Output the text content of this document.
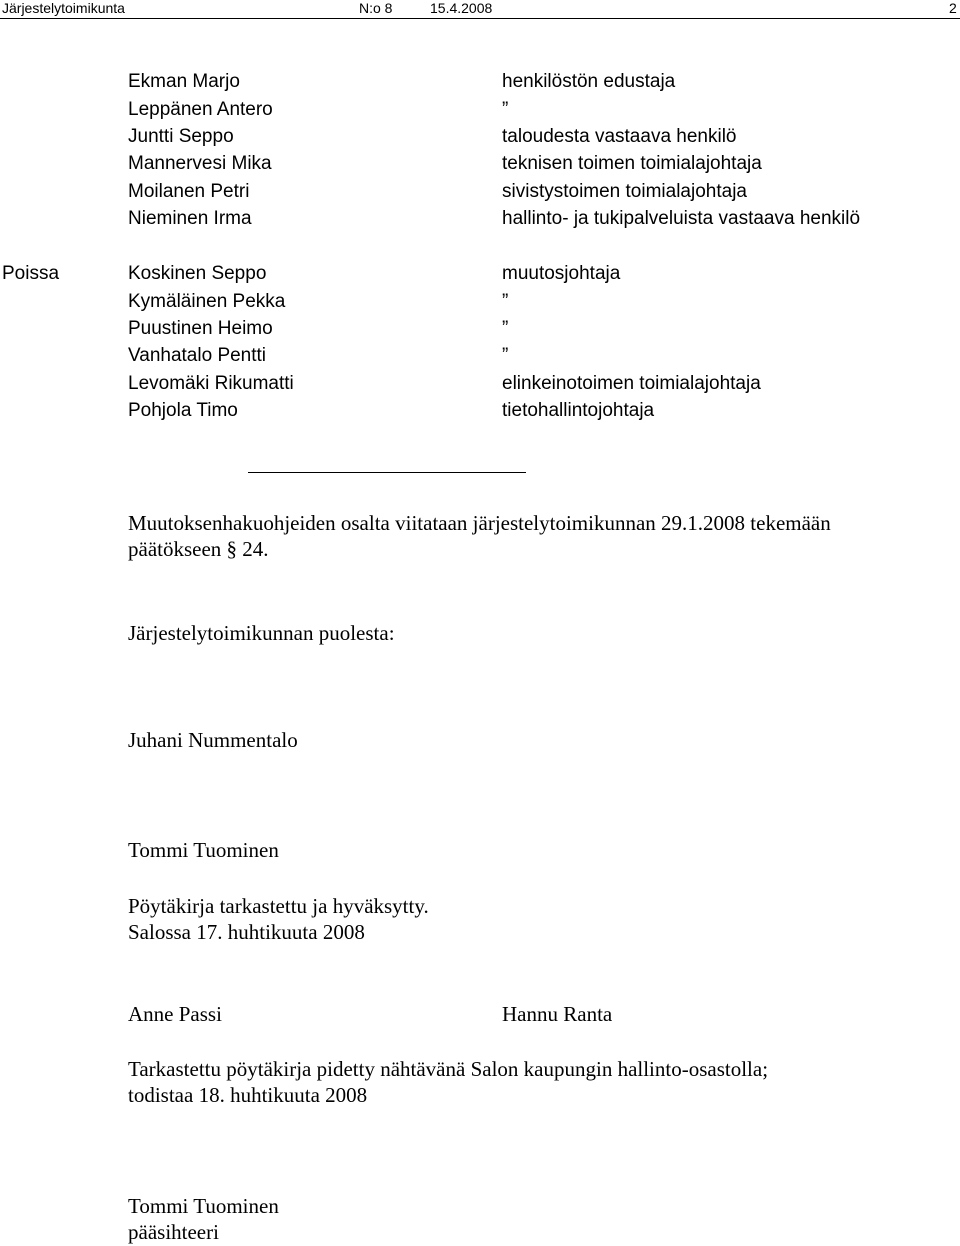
Järjestelytoimikunta	N:o 8	15.4.2008	2
Ekman Marjo	henkilöstön edustaja
Leppänen Antero	”
Juntti Seppo	taloudesta vastaava henkilö
Mannervesi Mika	teknisen toimen toimialajohtaja
Moilanen Petri	sivistystoimen toimialajohtaja
Nieminen Irma	hallinto- ja tukipalveluista vastaava henkilö
Poissa	Koskinen Seppo	muutosjohtaja
Kymäläinen Pekka	”
Puustinen Heimo	”
Vanhatalo Pentti	”
Levomäki Rikumatti	elinkeinotoimen toimialajohtaja
Pohjola Timo	tietohallintojohtaja
Muutoksenhakuohjeiden osalta viitataan järjestelytoimikunnan 29.1.2008 tekemään
päätökseen § 24.
Järjestelytoimikunnan puolesta:
Juhani Nummentalo
Tommi Tuominen
Pöytäkirja tarkastettu ja hyväksytty.
Salossa 17. huhtikuuta 2008
Anne Passi	Hannu Ranta
Tarkastettu pöytäkirja pidetty nähtävänä Salon kaupungin hallinto-osastolla;
todistaa 18. huhtikuuta 2008
Tommi Tuominen
pääsihteeri
